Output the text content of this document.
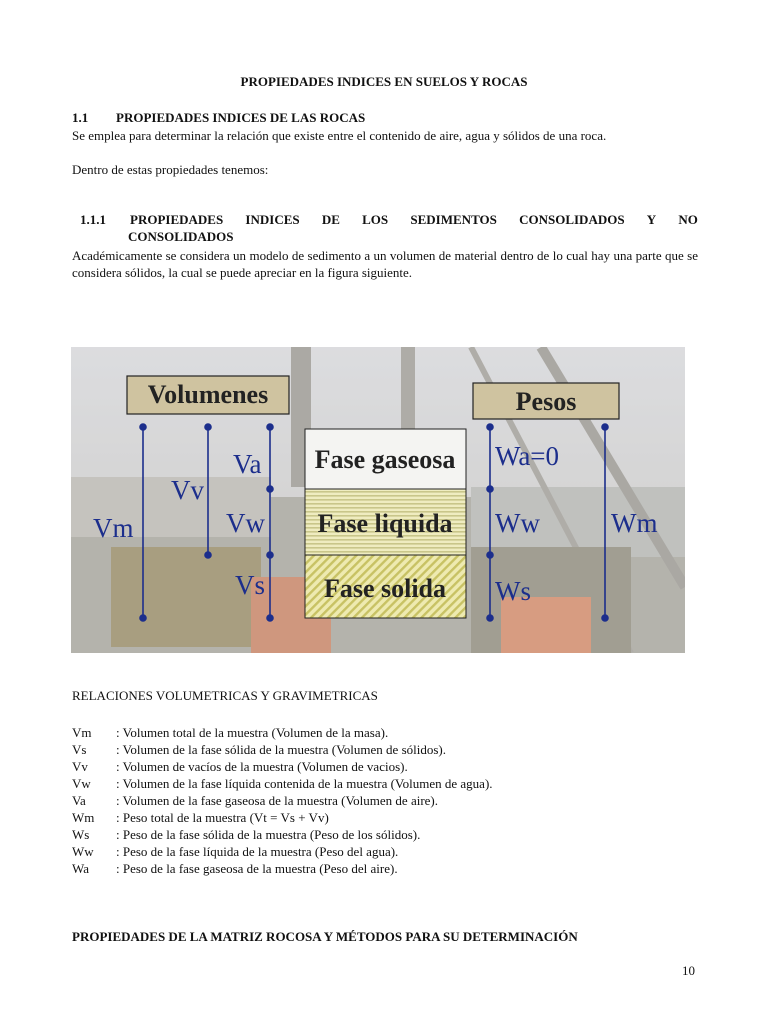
PROPIEDADES INDICES EN SUELOS Y ROCAS
1.1 PROPIEDADES INDICES DE LAS ROCAS
Se emplea para determinar la relación que existe entre el contenido de aire, agua y sólidos de una roca.
Dentro de estas propiedades tenemos:
1.1.1 PROPIEDADES INDICES DE LOS SEDIMENTOS CONSOLIDADOS Y NO
CONSOLIDADOS
Académicamente se considera un modelo de sedimento a un volumen de material dentro de lo cual hay una parte que se considera sólidos, la cual se puede apreciar en la figura siguiente.
Volumenes	Pesos
Fase gaseosa
Fase liquida
Fase solida
Vm
Vv
Va
Vw
Vs
Wa=0
Ww
Ws
Wm
RELACIONES VOLUMETRICAS Y GRAVIMETRICAS
Vm : Volumen total de la muestra (Volumen de la masa).
Vs : Volumen de la fase sólida de la muestra (Volumen de sólidos).
Vv : Volumen de vacíos de la muestra (Volumen de vacios).
Vw : Volumen de la fase líquida contenida de la muestra (Volumen de agua).
Va : Volumen de la fase gaseosa de la muestra (Volumen de aire).
Wm : Peso total de la muestra (Vt = Vs + Vv)
Ws : Peso de la fase sólida de la muestra (Peso de los sólidos).
Ww : Peso de la fase líquida de la muestra (Peso del agua).
Wa : Peso de la fase gaseosa de la muestra (Peso del aire).
PROPIEDADES DE LA MATRIZ ROCOSA Y MÉTODOS PARA SU DETERMINACIÓN
10
